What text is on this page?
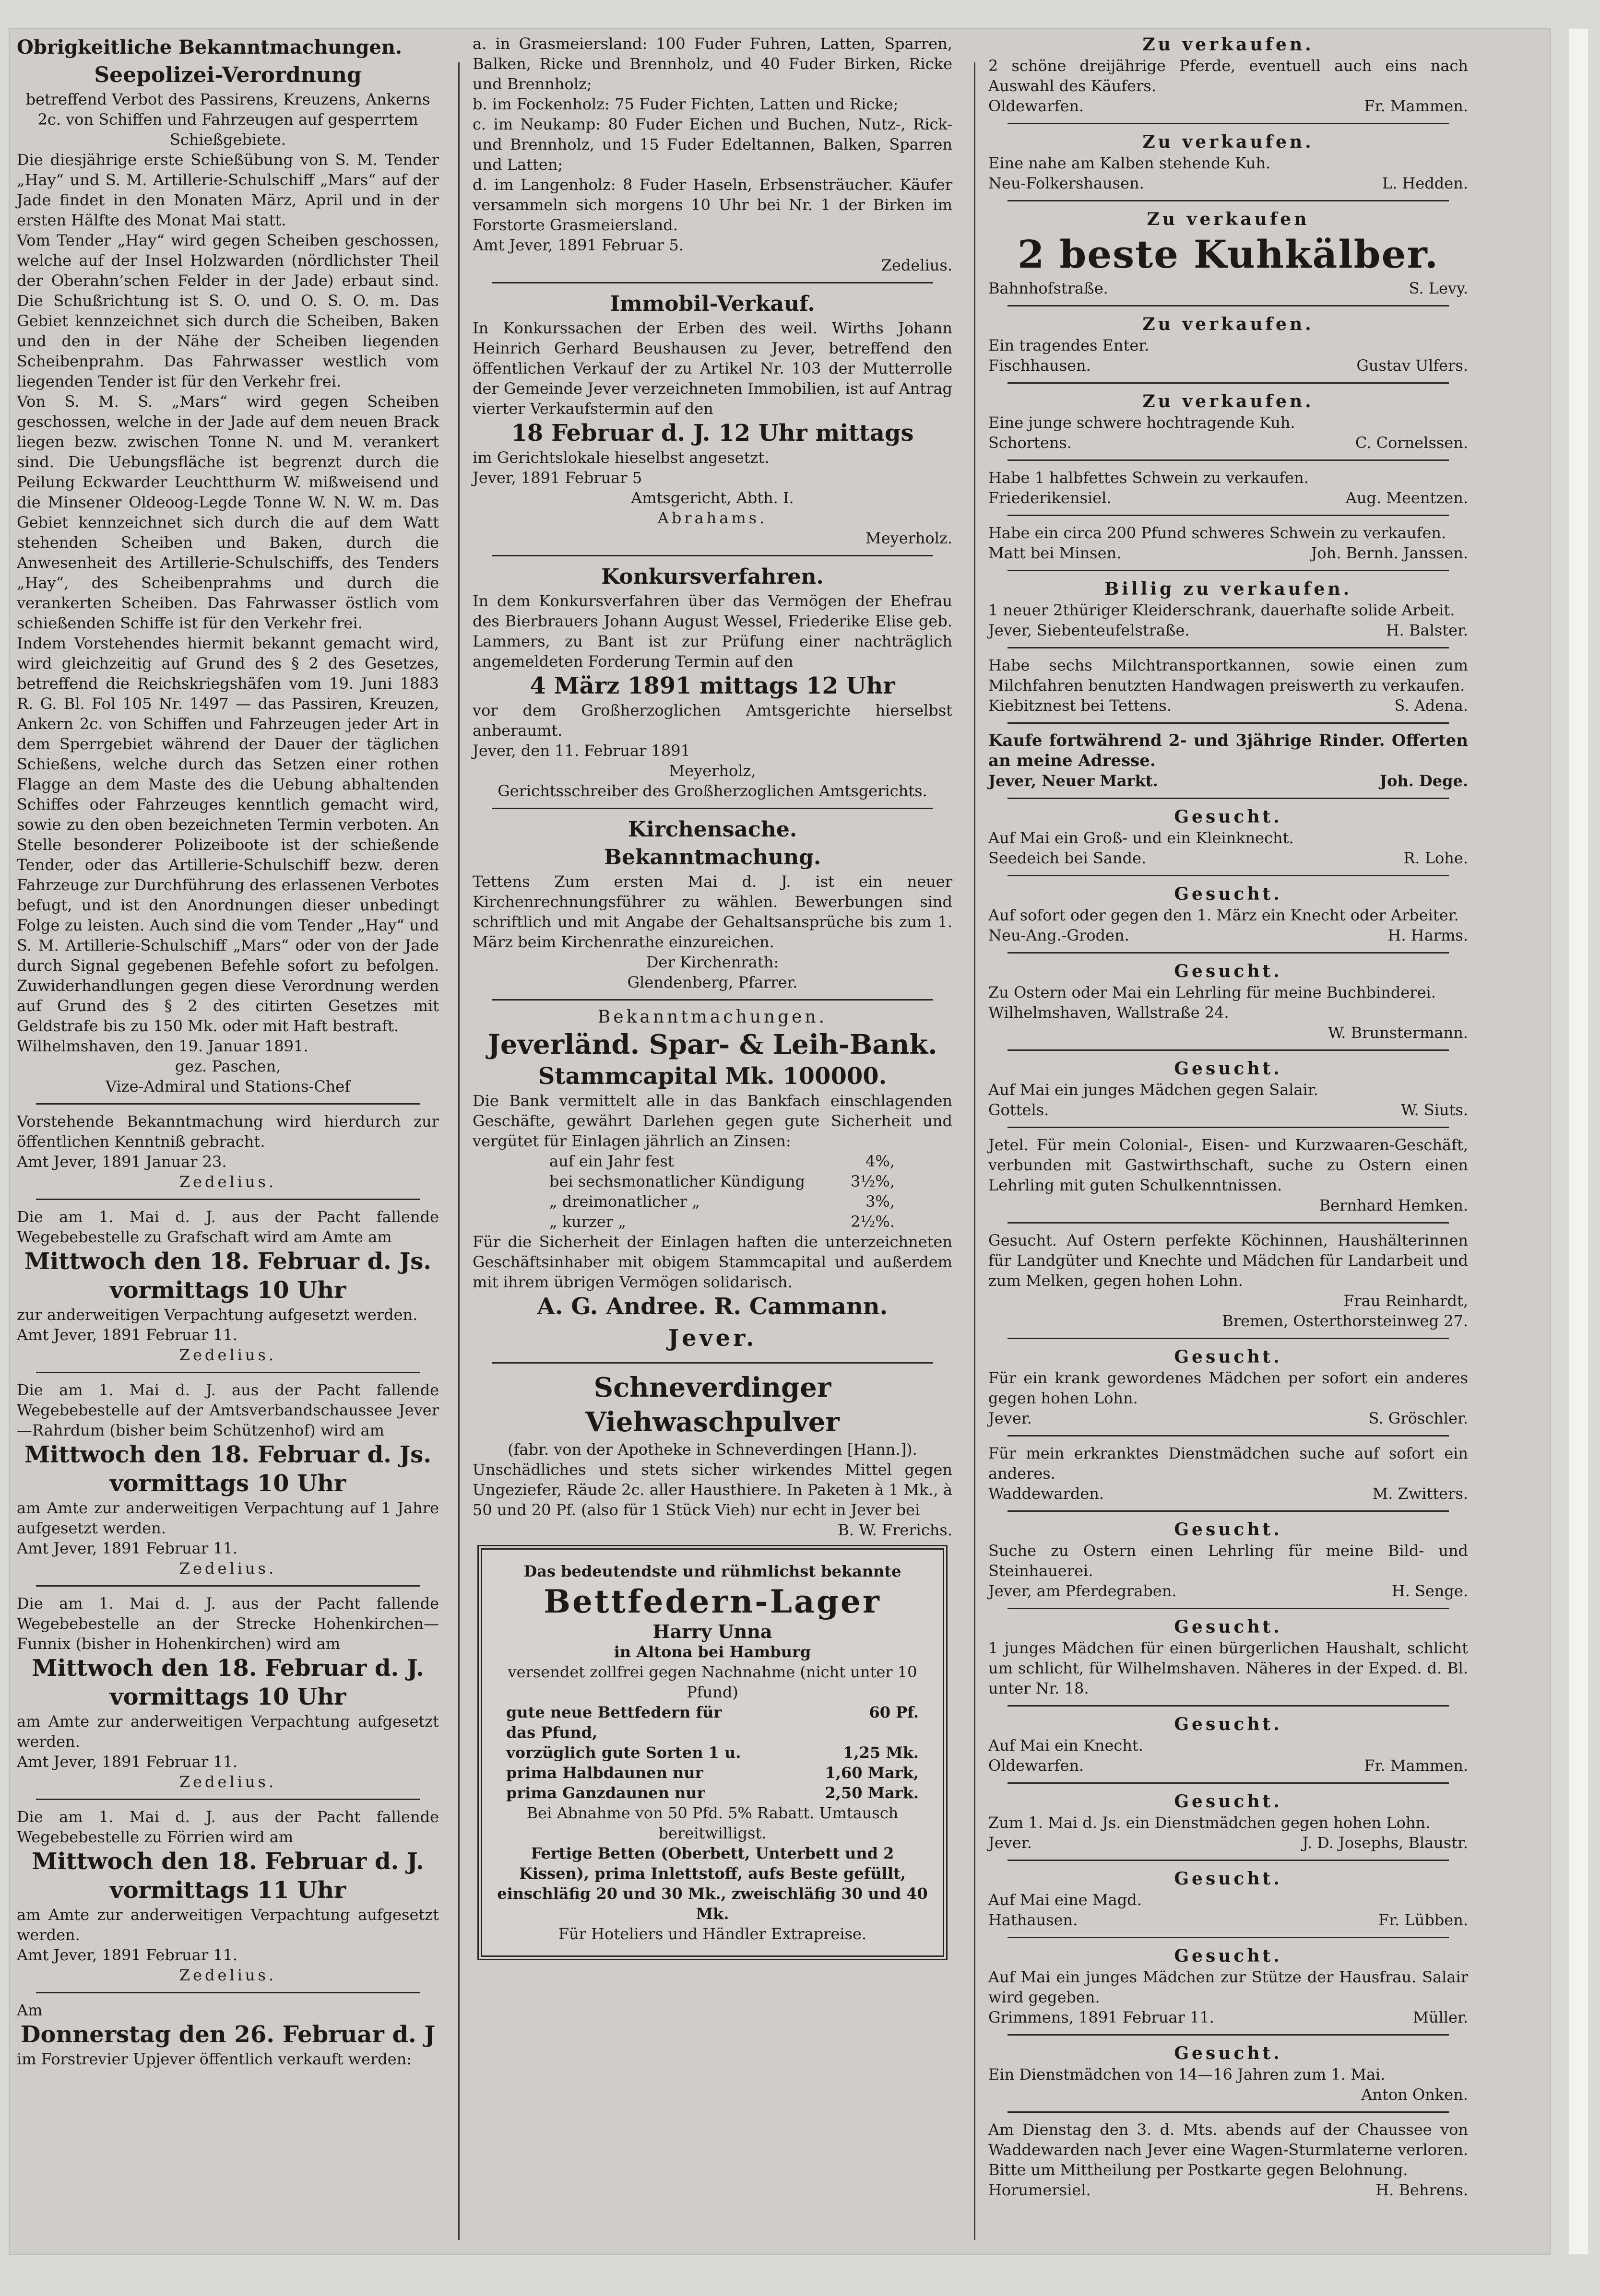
Obrigkeitliche Bekanntmachungen.
Seepolizei-Verordnung
betreffend Verbot des Passirens, Kreuzens, Ankerns 2c. von Schiffen und Fahrzeugen auf gesperrtem Schießgebiete.
Die diesjährige erste Schießübung von S. M. Tender „Hay“ und S. M. Artillerie-Schulschiff „Mars“ auf der Jade findet in den Monaten März, April und in der ersten Hälfte des Monat Mai statt.
Vom Tender „Hay“ wird gegen Scheiben geschossen, welche auf der Insel Holzwarden (nördlichster Theil der Oberahn’schen Felder in der Jade) erbaut sind. Die Schußrichtung ist S. O. und O. S. O. m. Das Gebiet kennzeichnet sich durch die Scheiben, Baken und den in der Nähe der Scheiben liegenden Scheibenprahm. Das Fahrwasser westlich vom liegenden Tender ist für den Verkehr frei.
Von S. M. S. „Mars“ wird gegen Scheiben geschossen, welche in der Jade auf dem neuen Brack liegen bezw. zwischen Tonne N. und M. verankert sind. Die Uebungsfläche ist begrenzt durch die Peilung Eckwarder Leuchtthurm W. mißweisend und die Minsener Oldeoog-Legde Tonne W. N. W. m. Das Gebiet kennzeichnet sich durch die auf dem Watt stehenden Scheiben und Baken, durch die Anwesenheit des Artillerie-Schulschiffs, des Tenders „Hay“, des Scheibenprahms und durch die verankerten Scheiben. Das Fahrwasser östlich vom schießenden Schiffe ist für den Verkehr frei.
Indem Vorstehendes hiermit bekannt gemacht wird, wird gleichzeitig auf Grund des § 2 des Gesetzes, betreffend die Reichskriegshäfen vom 19. Juni 1883 R. G. Bl. Fol 105 Nr. 1497 — das Passiren, Kreuzen, Ankern 2c. von Schiffen und Fahrzeugen jeder Art in dem Sperrgebiet während der Dauer der täglichen Schießens, welche durch das Setzen einer rothen Flagge an dem Maste des die Uebung abhaltenden Schiffes oder Fahrzeuges kenntlich gemacht wird, sowie zu den oben bezeichneten Termin verboten. An Stelle besonderer Polizeiboote ist der schießende Tender, oder das Artillerie-Schulschiff bezw. deren Fahrzeuge zur Durchführung des erlassenen Verbotes befugt, und ist den Anordnungen dieser unbedingt Folge zu leisten. Auch sind die vom Tender „Hay“ und S. M. Artillerie-Schulschiff „Mars“ oder von der Jade durch Signal gegebenen Befehle sofort zu befolgen. Zuwiderhandlungen gegen diese Verordnung werden auf Grund des § 2 des citirten Gesetzes mit Geldstrafe bis zu 150 Mk. oder mit Haft bestraft.
Wilhelmshaven, den 19. Januar 1891.
gez. Paschen,
Vize-Admiral und Stations-Chef
Vorstehende Bekanntmachung wird hierdurch zur öffentlichen Kenntniß gebracht.
Amt Jever, 1891 Januar 23.
Zedelius.
Die am 1. Mai d. J. aus der Pacht fallende Wegebebestelle zu Grafschaft wird am Amte am
Mittwoch den 18. Februar d. Js.
vormittags 10 Uhr
zur anderweitigen Verpachtung aufgesetzt werden.
Amt Jever, 1891 Februar 11.
Zedelius.
Die am 1. Mai d. J. aus der Pacht fallende Wegebebestelle auf der Amtsverbandschaussee Jever—Rahrdum (bisher beim Schützenhof) wird am
Mittwoch den 18. Februar d. Js.
vormittags 10 Uhr
am Amte zur anderweitigen Verpachtung auf 1 Jahre aufgesetzt werden.
Amt Jever, 1891 Februar 11.
Zedelius.
Die am 1. Mai d. J. aus der Pacht fallende Wegebebestelle an der Strecke Hohenkirchen—Funnix (bisher in Hohenkirchen) wird am
Mittwoch den 18. Februar d. J.
vormittags 10 Uhr
am Amte zur anderweitigen Verpachtung aufgesetzt werden.
Amt Jever, 1891 Februar 11.
Zedelius.
Die am 1. Mai d. J. aus der Pacht fallende Wegebebestelle zu Förrien wird am
Mittwoch den 18. Februar d. J.
vormittags 11 Uhr
am Amte zur anderweitigen Verpachtung aufgesetzt werden.
Amt Jever, 1891 Februar 11.
Zedelius.
Am
Donnerstag den 26. Februar d. J
im Forstrevier Upjever öffentlich verkauft werden:
a. in Grasmeiersland: 100 Fuder Fuhren, Latten, Sparren, Balken, Ricke und Brennholz, und 40 Fuder Birken, Ricke und Brennholz;
b. im Fockenholz: 75 Fuder Fichten, Latten und Ricke;
c. im Neukamp: 80 Fuder Eichen und Buchen, Nutz-, Rick- und Brennholz, und 15 Fuder Edeltannen, Balken, Sparren und Latten;
d. im Langenholz: 8 Fuder Haseln, Erbsensträucher. Käufer versammeln sich morgens 10 Uhr bei Nr. 1 der Birken im Forstorte Grasmeiersland.
Amt Jever, 1891 Februar 5.
Zedelius.
Immobil-Verkauf.
In Konkurssachen der Erben des weil. Wirths Johann Heinrich Gerhard Beushausen zu Jever, betreffend den öffentlichen Verkauf der zu Artikel Nr. 103 der Mutterrolle der Gemeinde Jever verzeichneten Immobilien, ist auf Antrag vierter Verkaufstermin auf den
18 Februar d. J. 12 Uhr mittags
im Gerichtslokale hieselbst angesetzt.
Jever, 1891 Februar 5
Amtsgericht, Abth. I.
Abrahams.
Meyerholz.
Konkursverfahren.
In dem Konkursverfahren über das Vermögen der Ehefrau des Bierbrauers Johann August Wessel, Friederike Elise geb. Lammers, zu Bant ist zur Prüfung einer nachträglich angemeldeten Forderung Termin auf den
4 März 1891 mittags 12 Uhr
vor dem Großherzoglichen Amtsgerichte hierselbst anberaumt.
Jever, den 11. Februar 1891
Meyerholz,
Gerichtsschreiber des Großherzoglichen Amtsgerichts.
Kirchensache.
Bekanntmachung.
Tettens Zum ersten Mai d. J. ist ein neuer Kirchenrechnungsführer zu wählen. Bewerbungen sind schriftlich und mit Angabe der Gehaltsansprüche bis zum 1. März beim Kirchenrathe einzureichen.
Der Kirchenrath:
Glendenberg, Pfarrer.
Bekanntmachungen.
Jeverländ. Spar- & Leih-Bank.
Stammcapital Mk. 100000.
Die Bank vermittelt alle in das Bankfach einschlagenden Geschäfte, gewährt Darlehen gegen gute Sicherheit und vergütet für Einlagen jährlich an Zinsen:
auf ein Jahr fest	4%,
bei sechsmonatlicher Kündigung	3½%,
„ dreimonatlicher „	3%,
„ kurzer „	2½%.
Für die Sicherheit der Einlagen haften die unterzeichneten Geschäftsinhaber mit obigem Stammcapital und außerdem mit ihrem übrigen Vermögen solidarisch.
A. G. Andree. R. Cammann.
Jever.
Schneverdinger Viehwaschpulver
(fabr. von der Apotheke in Schneverdingen [Hann.]).
Unschädliches und stets sicher wirkendes Mittel gegen Ungeziefer, Räude 2c. aller Hausthiere. In Paketen à 1 Mk., à 50 und 20 Pf. (also für 1 Stück Vieh) nur echt in Jever bei
B. W. Frerichs.
Das bedeutendste und rühmlichst bekannte
Bettfedern-Lager
Harry Unna
in Altona bei Hamburg
versendet zollfrei gegen Nachnahme (nicht unter 10 Pfund)
gute neue Bettfedern für	60 Pf.
das Pfund,
vorzüglich gute Sorten 1 u.	1,25 Mk.
prima Halbdaunen nur	1,60 Mark,
prima Ganzdaunen nur	2,50 Mark.
Bei Abnahme von 50 Pfd. 5% Rabatt. Umtausch bereitwilligst.
Fertige Betten (Oberbett, Unterbett und 2 Kissen), prima Inlettstoff, aufs Beste gefüllt, einschläfig 20 und 30 Mk., zweischläfig 30 und 40 Mk.
Für Hoteliers und Händler Extrapreise.
Zu verkaufen.
2 schöne dreijährige Pferde, eventuell auch eins nach Auswahl des Käufers.
Oldewarfen.	Fr. Mammen.
Zu verkaufen.
Eine nahe am Kalben stehende Kuh.
Neu-Folkershausen.	L. Hedden.
Zu verkaufen
2 beste Kuhkälber.
Bahnhofstraße.	S. Levy.
Zu verkaufen.
Ein tragendes Enter.
Fischhausen.	Gustav Ulfers.
Zu verkaufen.
Eine junge schwere hochtragende Kuh.
Schortens.	C. Cornelssen.
Habe 1 halbfettes Schwein zu verkaufen.
Friederikensiel.	Aug. Meentzen.
Habe ein circa 200 Pfund schweres Schwein zu verkaufen.
Matt bei Minsen.	Joh. Bernh. Janssen.
Billig zu verkaufen.
1 neuer 2thüriger Kleiderschrank, dauerhafte solide Arbeit.
Jever, Siebenteufelstraße.	H. Balster.
Habe sechs Milchtransportkannen, sowie einen zum Milchfahren benutzten Handwagen preiswerth zu verkaufen.
Kiebitznest bei Tettens.	S. Adena.
Kaufe fortwährend 2- und 3jährige Rinder. Offerten an meine Adresse.
Jever, Neuer Markt.	Joh. Dege.
Gesucht.
Auf Mai ein Groß- und ein Kleinknecht.
Seedeich bei Sande.	R. Lohe.
Gesucht.
Auf sofort oder gegen den 1. März ein Knecht oder Arbeiter.
Neu-Ang.-Groden.	H. Harms.
Gesucht.
Zu Ostern oder Mai ein Lehrling für meine Buchbinderei.
Wilhelmshaven, Wallstraße 24.
W. Brunstermann.
Gesucht.
Auf Mai ein junges Mädchen gegen Salair.
Gottels.	W. Siuts.
Jetel. Für mein Colonial-, Eisen- und Kurzwaaren-Geschäft, verbunden mit Gastwirthschaft, suche zu Ostern einen Lehrling mit guten Schulkenntnissen.
Bernhard Hemken.
Gesucht. Auf Ostern perfekte Köchinnen, Haushälterinnen für Landgüter und Knechte und Mädchen für Landarbeit und zum Melken, gegen hohen Lohn.
Frau Reinhardt,
Bremen, Osterthorsteinweg 27.
Gesucht.
Für ein krank gewordenes Mädchen per sofort ein anderes gegen hohen Lohn.
Jever.	S. Gröschler.
Für mein erkranktes Dienstmädchen suche auf sofort ein anderes.
Waddewarden.	M. Zwitters.
Gesucht.
Suche zu Ostern einen Lehrling für meine Bild- und Steinhauerei.
Jever, am Pferdegraben.	H. Senge.
Gesucht.
1 junges Mädchen für einen bürgerlichen Haushalt, schlicht um schlicht, für Wilhelmshaven. Näheres in der Exped. d. Bl. unter Nr. 18.
Gesucht.
Auf Mai ein Knecht.
Oldewarfen.	Fr. Mammen.
Gesucht.
Zum 1. Mai d. Js. ein Dienstmädchen gegen hohen Lohn.
Jever.	J. D. Josephs, Blaustr.
Gesucht.
Auf Mai eine Magd.
Hathausen.	Fr. Lübben.
Gesucht.
Auf Mai ein junges Mädchen zur Stütze der Hausfrau. Salair wird gegeben.
Grimmens, 1891 Februar 11.	Müller.
Gesucht.
Ein Dienstmädchen von 14—16 Jahren zum 1. Mai.
Anton Onken.
Am Dienstag den 3. d. Mts. abends auf der Chaussee von Waddewarden nach Jever eine Wagen-Sturmlaterne verloren. Bitte um Mittheilung per Postkarte gegen Belohnung.
Horumersiel.	H. Behrens.
